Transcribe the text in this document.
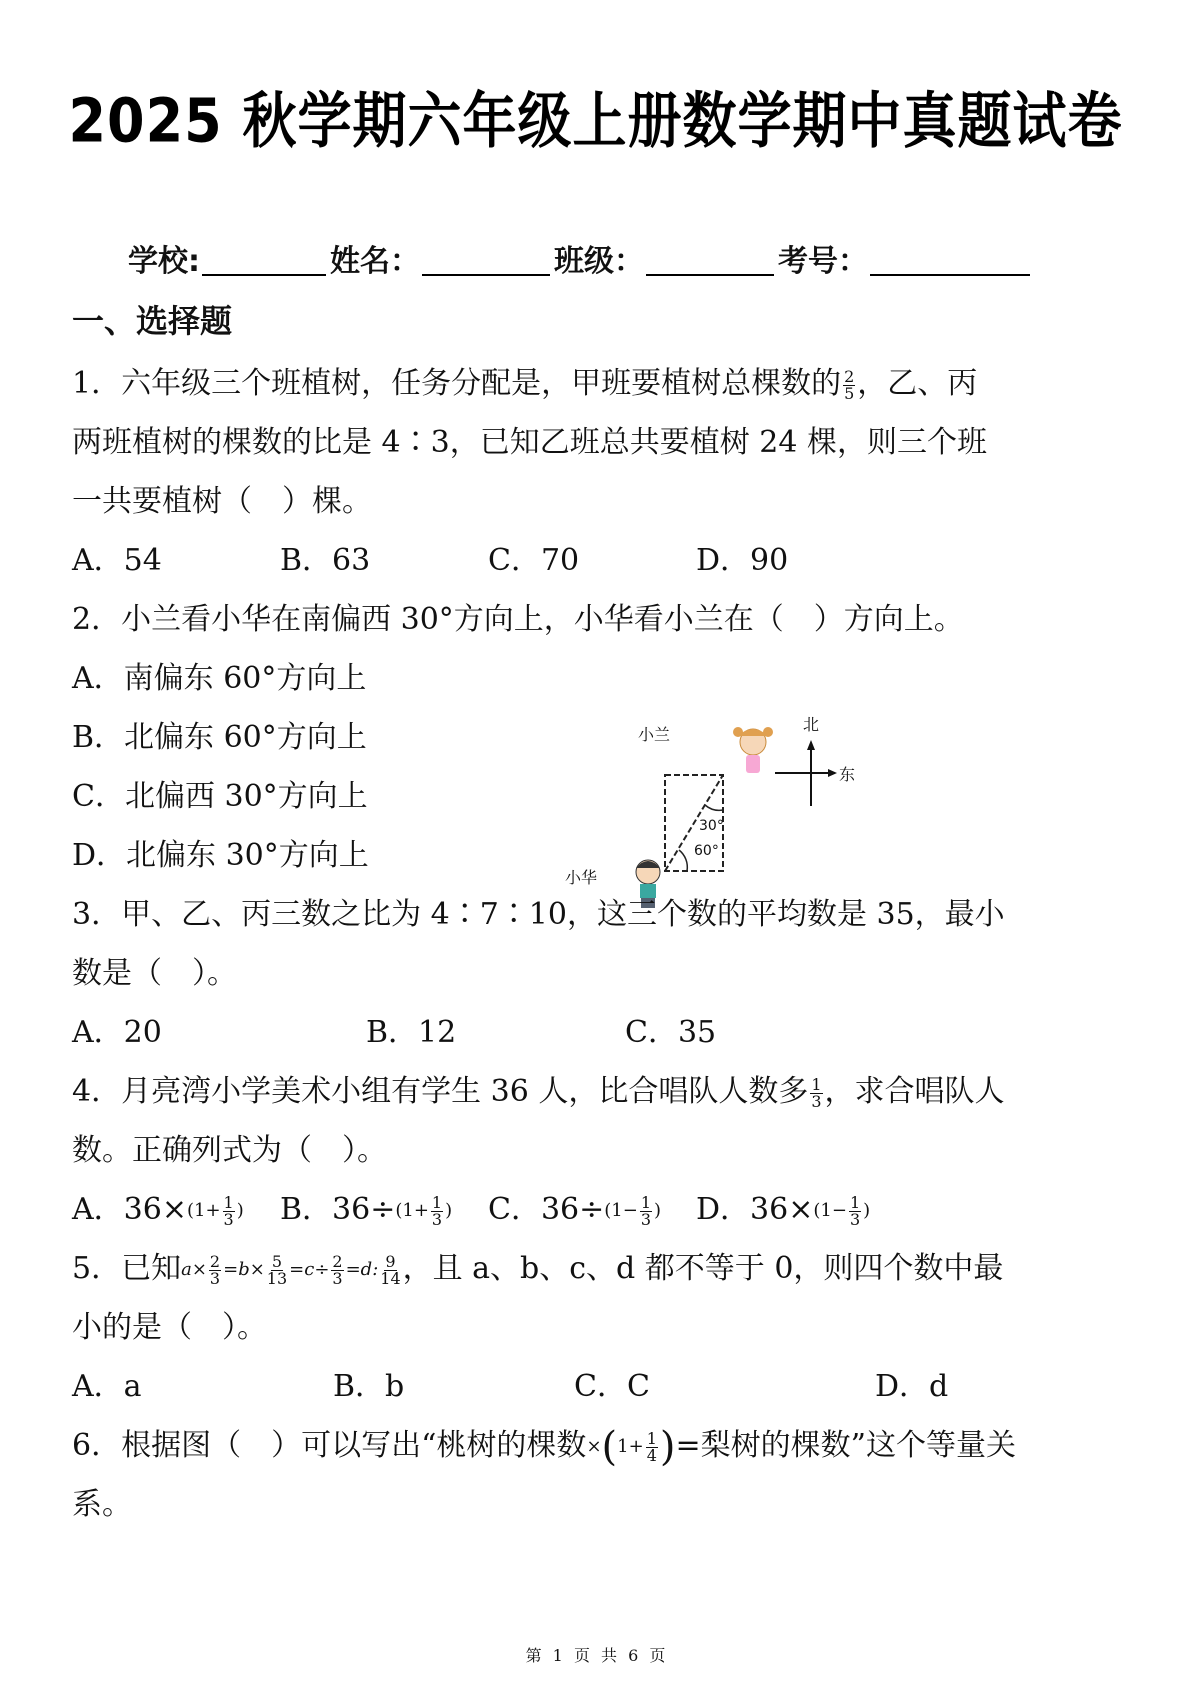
2025 秋学期六年级上册数学期中真题试卷
学校:	姓名：	班级：	考号：
一、选择题
1．六年级三个班植树，任务分配是，甲班要植树总棵数的 $\frac{2}{5}$ ，乙、丙
两班植树的棵数的比是 4∶3，已知乙班总共要植树 24 棵，则三个班
一共要植树（　）棵。
A．54	B．63	C．70	D．90
2．小兰看小华在南偏西 30°方向上，小华看小兰在（　）方向上。
A．南偏东 60°方向上
B．北偏东 60°方向上
C．北偏西 30°方向上
D．北偏东 30°方向上
小兰
小华
北
东
30°
60°
3．甲、乙、丙三数之比为 4∶7∶10，这三个数的平均数是 35，最小
数是（　）。
A．20	B．12	C．35
4．月亮湾小学美术小组有学生 36 人，比合唱队人数多 $\frac{1}{3}$ ，求合唱队人
数。正确列式为（　）。
A．$36\times(1+ \frac{1}{3}$ ) B．$36\div(1+ \frac{1}{3}$ ) C．$36\div(1- \frac{1}{3}$ ) D．$36\times(1- \frac{1}{3}$ )
5．已知$a\times \frac{2}{3} =b\times \frac{5}{13} =c\div \frac{2}{3} =d$: $\frac{9}{14}$ ，且 a、b、c、d 都不等于 0，则四个数中最
小的是（　）。
A．a	B．b	C．C	D．d
6．根据图（　）可以写出“桃树的棵数$\times(1+ \frac{1}{4}$ )=梨树的棵数”这个等量关
系。
第 1 页 共 6 页
